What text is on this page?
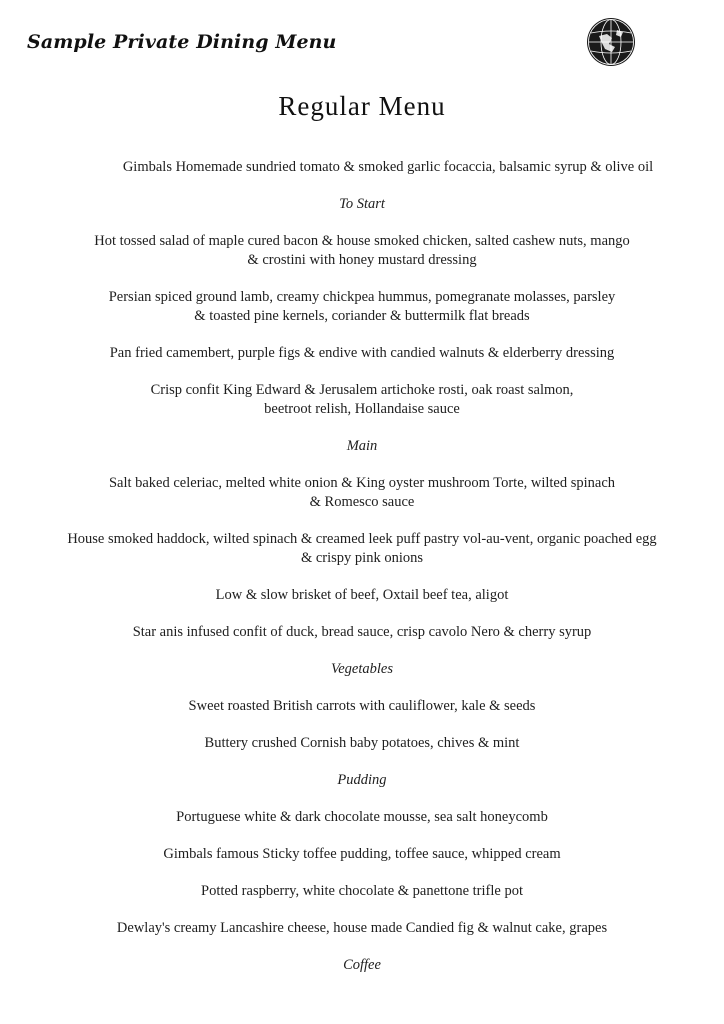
Sample Private Dining Menu
Regular Menu
Gimbals Homemade sundried tomato & smoked garlic focaccia, balsamic syrup & olive oil
To Start
Hot tossed salad of maple cured bacon & house smoked chicken, salted cashew nuts, mango
& crostini with honey mustard dressing
Persian spiced ground lamb, creamy chickpea hummus, pomegranate molasses, parsley
& toasted pine kernels, coriander & buttermilk flat breads
Pan fried camembert, purple figs & endive with candied walnuts & elderberry dressing
Crisp confit King Edward & Jerusalem artichoke rosti, oak roast salmon,
beetroot relish, Hollandaise sauce
Main
Salt baked celeriac, melted white onion & King oyster mushroom Torte, wilted spinach
& Romesco sauce
House smoked haddock, wilted spinach & creamed leek puff pastry vol-au-vent, organic poached egg
& crispy pink onions
Low & slow brisket of beef, Oxtail beef tea, aligot
Star anis infused confit of duck, bread sauce, crisp cavolo Nero & cherry syrup
Vegetables
Sweet roasted British carrots with cauliflower, kale & seeds
Buttery crushed Cornish baby potatoes, chives & mint
Pudding
Portuguese white & dark chocolate mousse, sea salt honeycomb
Gimbals famous Sticky toffee pudding, toffee sauce, whipped cream
Potted raspberry, white chocolate & panettone trifle pot
Dewlay's creamy Lancashire cheese, house made Candied fig & walnut cake, grapes
Coffee
